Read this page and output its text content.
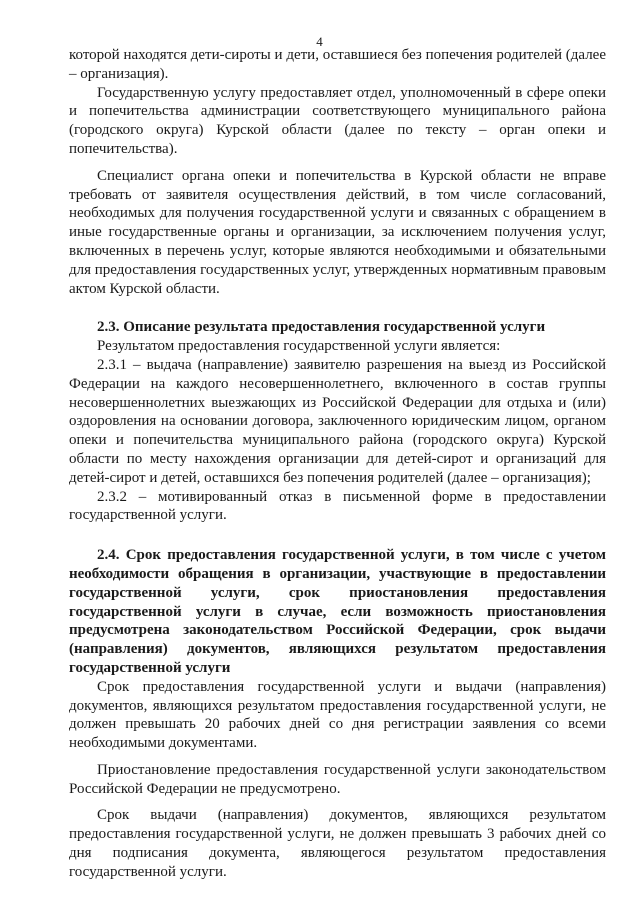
4

которой находятся дети-сироты и дети, оставшиеся без попечения родителей (далее – организация).

Государственную услугу предоставляет отдел, уполномоченный в сфере опеки и попечительства администрации соответствующего муниципального района (городского округа) Курской области (далее по тексту – орган опеки и попечительства).

Специалист органа опеки и попечительства в Курской области не вправе требовать от заявителя осуществления действий, в том числе согласований, необходимых для получения государственной услуги и связанных с обращением в иные государственные органы и организации, за исключением получения услуг, включенных в перечень услуг, которые являются необходимыми и обязательными для предоставления государственных услуг, утвержденных нормативным правовым актом Курской области.

2.3. Описание результата предоставления государственной услуги

Результатом предоставления государственной услуги является:

2.3.1 – выдача (направление) заявителю разрешения на выезд из Российской Федерации на каждого несовершеннолетнего, включенного в состав группы несовершеннолетних выезжающих из Российской Федерации для отдыха и (или) оздоровления на основании договора, заключенного юридическим лицом, органом опеки и попечительства муниципального района (городского округа) Курской области по месту нахождения организации для детей-сирот и организаций для детей-сирот и детей, оставшихся без попечения родителей (далее – организация);

2.3.2 – мотивированный отказ в письменной форме в предоставлении государственной услуги.

2.4. Срок предоставления государственной услуги, в том числе с учетом необходимости обращения в организации, участвующие в предоставлении государственной услуги, срок приостановления предоставления государственной услуги в случае, если возможность приостановления предусмотрена законодательством Российской Федерации, срок выдачи (направления) документов, являющихся результатом предоставления государственной услуги

Срок предоставления государственной услуги и выдачи (направления) документов, являющихся результатом предоставления государственной услуги, не должен превышать 20 рабочих дней со дня регистрации заявления со всеми необходимыми документами.

Приостановление предоставления государственной услуги законодательством Российской Федерации не предусмотрено.

Срок выдачи (направления) документов, являющихся результатом предоставления государственной услуги, не должен превышать 3 рабочих дней со дня подписания документа, являющегося результатом предоставления государственной услуги.
